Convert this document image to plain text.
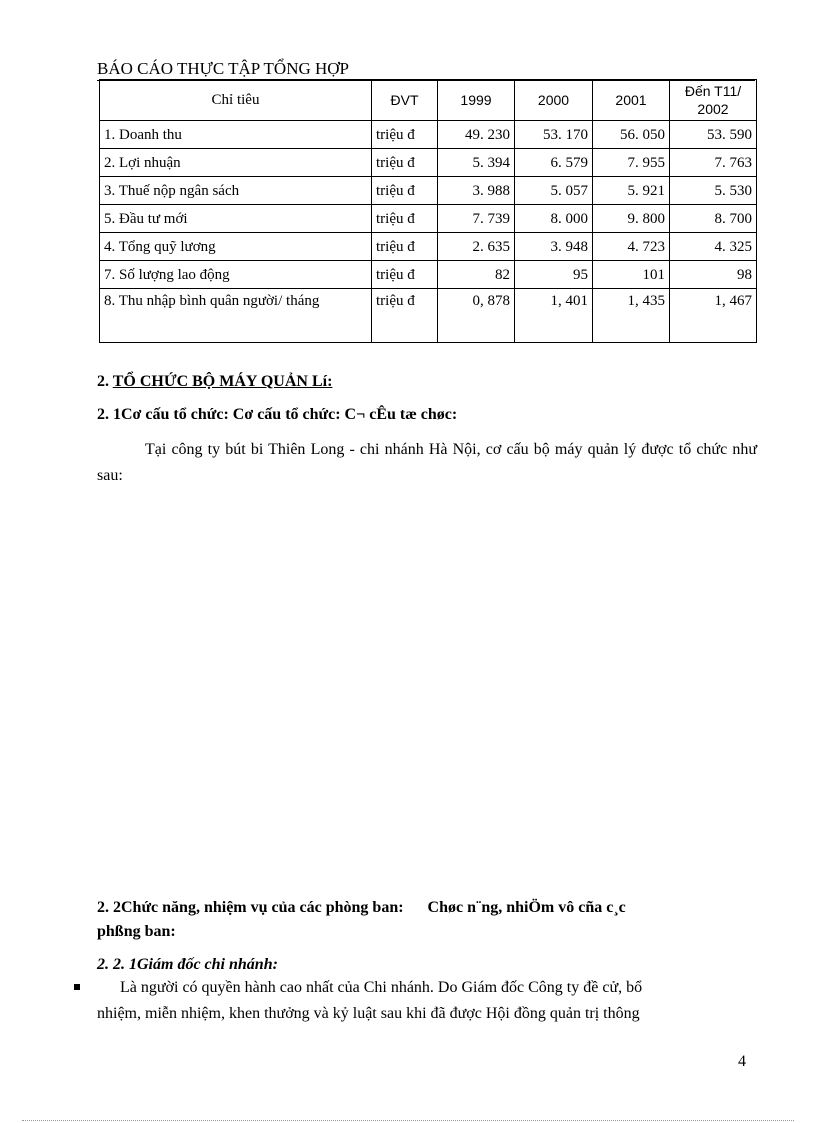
BÁO CÁO THỰC TẬP TỔNG HỢP
Chỉ tiêu	ĐVT	1999	2000	2001	Đến T11/ 2002
1. Doanh thu	triệu đ	49. 230	53. 170	56. 050	53. 590
2. Lợi nhuận	triệu đ	5. 394	6. 579	7. 955	7. 763
3. Thuế nộp ngân sách	triệu đ	3. 988	5. 057	5. 921	5. 530
5. Đầu tư mới	triệu đ	7. 739	8. 000	9. 800	8. 700
4. Tổng quỹ lương	triệu đ	2. 635	3. 948	4. 723	4. 325
7. Số lượng lao động	triệu đ	82	95	101	98
8. Thu nhập bình quân người/ tháng	triệu đ	0, 878	1, 401	1, 435	1, 467
2. TỔ CHỨC BỘ MÁY QUẢN Lí:
2. 1Cơ cấu tổ chức: Cơ cấu tổ chức: C¬ cÊu tæ chøc:
Tại công ty bút bi Thiên Long - chi nhánh Hà Nội, cơ cấu bộ máy quản lý được tổ chức như sau:
2. 2Chức năng, nhiệm vụ của các phòng ban:      Chøc n¨ng, nhiÖm vô cña c¸c
phßng ban:
2. 2. 1Giám đốc chi nhánh:
Là người có quyền hành cao nhất của Chi nhánh. Do Giám đốc Công ty đề cử, bổ
nhiệm, miễn nhiệm, khen thưởng và kỷ luật sau khi đã được Hội đồng quản trị thông
4
